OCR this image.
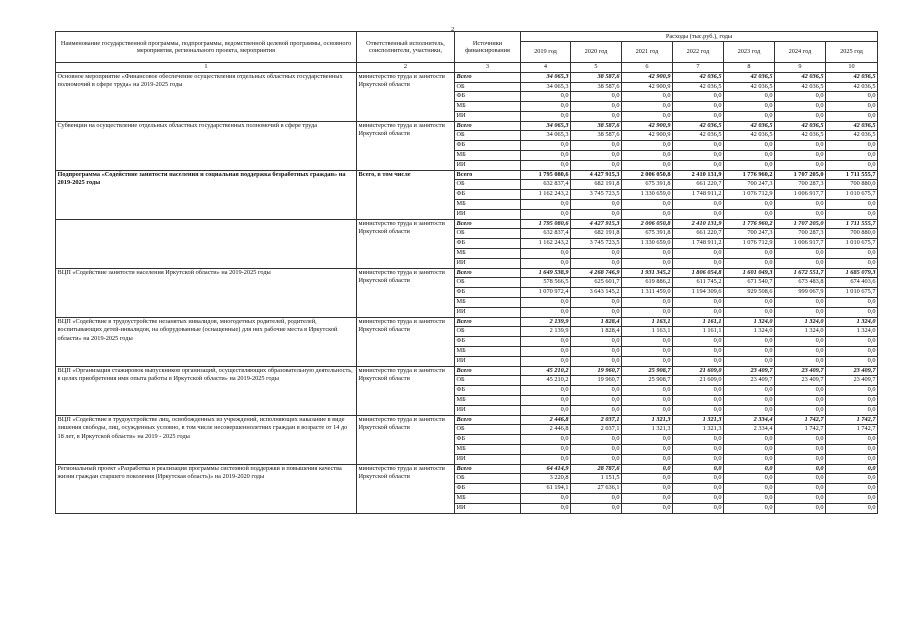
2
Наименование государственной программы, подпрограммы, ведомственной целевой программы, основного мероприятия, регионального проекта, мероприятия	Ответственный исполнитель, соисполнители, участники,	Источники финансирования	Расходы (тыс.руб.), годы						
			2019 год	2020 год	2021 год	2022 год	2023 год	2024 год	2025 год
1	2	3	4	5	6	7	8	9	10
Основное мероприятие «Финансовое обеспечение осуществления отдельных областных государственных полномочий в сфере труда» на 2019-2025 годы	министерство труда и занятости Иркутской области	Всего	34 065,3	38 587,6	42 900,9	42 036,5	42 036,5	42 036,5	42 036,5
		ОБ	34 065,3	38 587,6	42 900,9	42 036,5	42 036,5	42 036,5	42 036,5
		ФБ	0,0	0,0	0,0	0,0	0,0	0,0	0,0
		МБ	0,0	0,0	0,0	0,0	0,0	0,0	0,0
		ИИ	0,0	0,0	0,0	0,0	0,0	0,0	0,0
Субвенции на осуществление отдельных областных государственных полномочий в сфере труда	министерство труда и занятости Иркутской области	Всего	34 065,3	38 587,6	42 900,9	42 036,5	42 036,5	42 036,5	42 036,5
		ОБ	34 065,3	38 587,6	42 900,9	42 036,5	42 036,5	42 036,5	42 036,5
		ФБ	0,0	0,0	0,0	0,0	0,0	0,0	0,0
		МБ	0,0	0,0	0,0	0,0	0,0	0,0	0,0
		ИИ	0,0	0,0	0,0	0,0	0,0	0,0	0,0
Подпрограмма «Содействие занятости населения и социальная поддержка безработных граждан» на 2019-2025 годы	Всего, в том числе	Всего	1 795 080,6	4 427 915,3	2 006 050,8	2 410 131,9	1 776 960,2	1 707 205,0	1 711 555,7
		ОБ	632 837,4	682 191,8	675 391,8	661 220,7	700 247,3	700 287,3	700 880,0
		ФБ	1 162 243,2	3 745 723,5	1 330 659,0	1 748 911,2	1 076 712,9	1 006 917,7	1 010 675,7
		МБ	0,0	0,0	0,0	0,0	0,0	0,0	0,0
		ИИ	0,0	0,0	0,0	0,0	0,0	0,0	0,0
	министерство труда и занятости Иркутской области	Всего	1 795 080,6	4 427 915,3	2 006 050,8	2 410 131,9	1 776 960,2	1 707 205,0	1 711 555,7
		ОБ	632 837,4	682 191,8	675 391,8	661 220,7	700 247,3	700 287,3	700 880,0
		ФБ	1 162 243,2	3 745 723,5	1 330 659,0	1 748 911,2	1 076 712,9	1 006 917,7	1 010 675,7
		МБ	0,0	0,0	0,0	0,0	0,0	0,0	0,0
		ИИ	0,0	0,0	0,0	0,0	0,0	0,0	0,0
ВЦП «Содействие занятости населения Иркутской области» на 2019-2025 годы	министерство труда и занятости Иркутской области	Всего	1 649 538,9	4 268 746,9	1 931 345,2	1 806 054,8	1 601 049,3	1 672 551,7	1 685 079,3
		ОБ	578 566,5	625 601,7	619 886,2	611 745,2	671 540,7	673 483,8	674 403,6
		ФБ	1 070 972,4	3 643 145,2	1 311 459,0	1 194 309,6	929 508,6	999 067,9	1 010 675,7
		МБ	0,0	0,0	0,0	0,0	0,0	0,0	0,0
		ИИ	0,0	0,0	0,0	0,0	0,0	0,0	0,0
ВЦП «Содействие в трудоустройстве незанятых инвалидов, многодетных родителей, родителей, воспитывающих детей-инвалидов, на оборудованные (оснащенные) для них рабочие места в Иркутской области» на 2019-2025 годы	министерство труда и занятости Иркутской области	Всего	2 139,9	1 828,4	1 163,1	1 161,1	1 324,0	1 324,0	1 324,0
		ОБ	2 139,9	1 828,4	1 163,1	1 161,1	1 324,0	1 324,0	1 324,0
		ФБ	0,0	0,0	0,0	0,0	0,0	0,0	0,0
		МБ	0,0	0,0	0,0	0,0	0,0	0,0	0,0
		ИИ	0,0	0,0	0,0	0,0	0,0	0,0	0,0
ВЦП «Организация стажировок выпускников организаций, осуществляющих образовательную деятельность, в целях приобретения ими опыта работы в Иркутской области» на 2019-2025 годы	министерство труда и занятости Иркутской области	Всего	45 210,2	19 960,7	25 908,7	21 609,0	23 409,7	23 409,7	23 409,7
		ОБ	45 210,2	19 960,7	25 908,7	21 609,0	23 409,7	23 409,7	23 409,7
		ФБ	0,0	0,0	0,0	0,0	0,0	0,0	0,0
		МБ	0,0	0,0	0,0	0,0	0,0	0,0	0,0
		ИИ	0,0	0,0	0,0	0,0	0,0	0,0	0,0
ВЦП «Содействие в трудоустройстве лиц, освобожденных из учреждений, исполняющих наказание в виде лишения свободы, лиц, осужденных условно, в том числе несовершеннолетних граждан в возрасте от 14 до 18 лет, в Иркутской области» на 2019 - 2025 годы	министерство труда и занятости Иркутской области	Всего	2 446,8	2 037,1	1 321,3	1 321,3	2 334,4	1 742,7	1 742,7
		ОБ	2 446,8	2 037,1	1 321,3	1 321,3	2 334,4	1 742,7	1 742,7
		ФБ	0,0	0,0	0,0	0,0	0,0	0,0	0,0
		МБ	0,0	0,0	0,0	0,0	0,0	0,0	0,0
		ИИ	0,0	0,0	0,0	0,0	0,0	0,0	0,0
Региональный проект «Разработка и реализация программы системной поддержки и повышения качества жизни граждан старшего поколения (Иркутская область)» на 2019-2020 годы	министерство труда и занятости Иркутской области	Всего	64 414,9	28 787,6	0,0	0,0	0,0	0,0	0,0
		ОБ	3 220,8	1 151,5	0,0	0,0	0,0	0,0	0,0
		ФБ	61 194,1	27 636,1	0,0	0,0	0,0	0,0	0,0
		МБ	0,0	0,0	0,0	0,0	0,0	0,0	0,0
		ИИ	0,0	0,0	0,0	0,0	0,0	0,0	0,0
